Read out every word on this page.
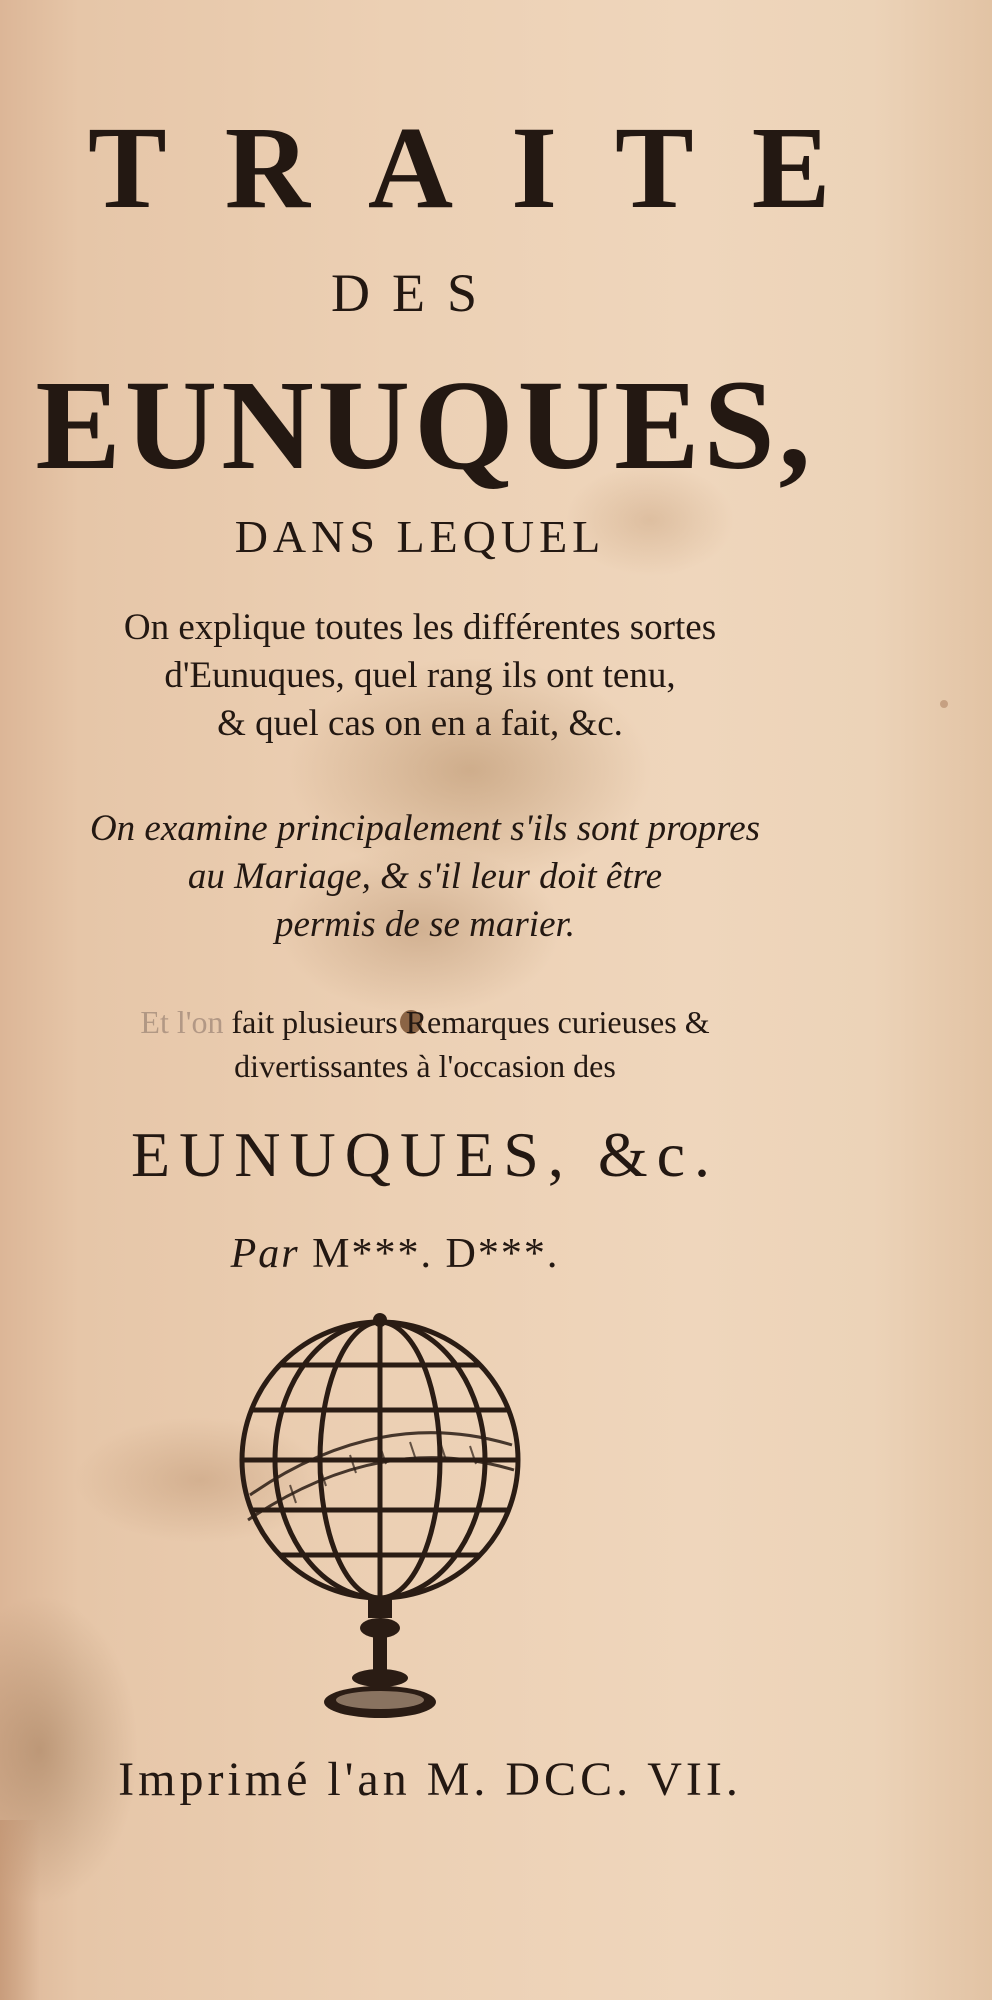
TRAITE
DES
EUNUQUES,
DANS LEQUEL
On explique toutes les différentes sortes
d'Eunuques, quel rang ils ont tenu,
& quel cas on en a fait, &c.
On examine principalement s'ils sont propres
au Mariage, & s'il leur doit être
permis de se marier.
Et l'on fait plusieurs Remarques curieuses &
divertissantes à l'occasion des
EUNUQUES, &c.
Par M***. D***.
Imprimé l'an M. DCC. VII.
